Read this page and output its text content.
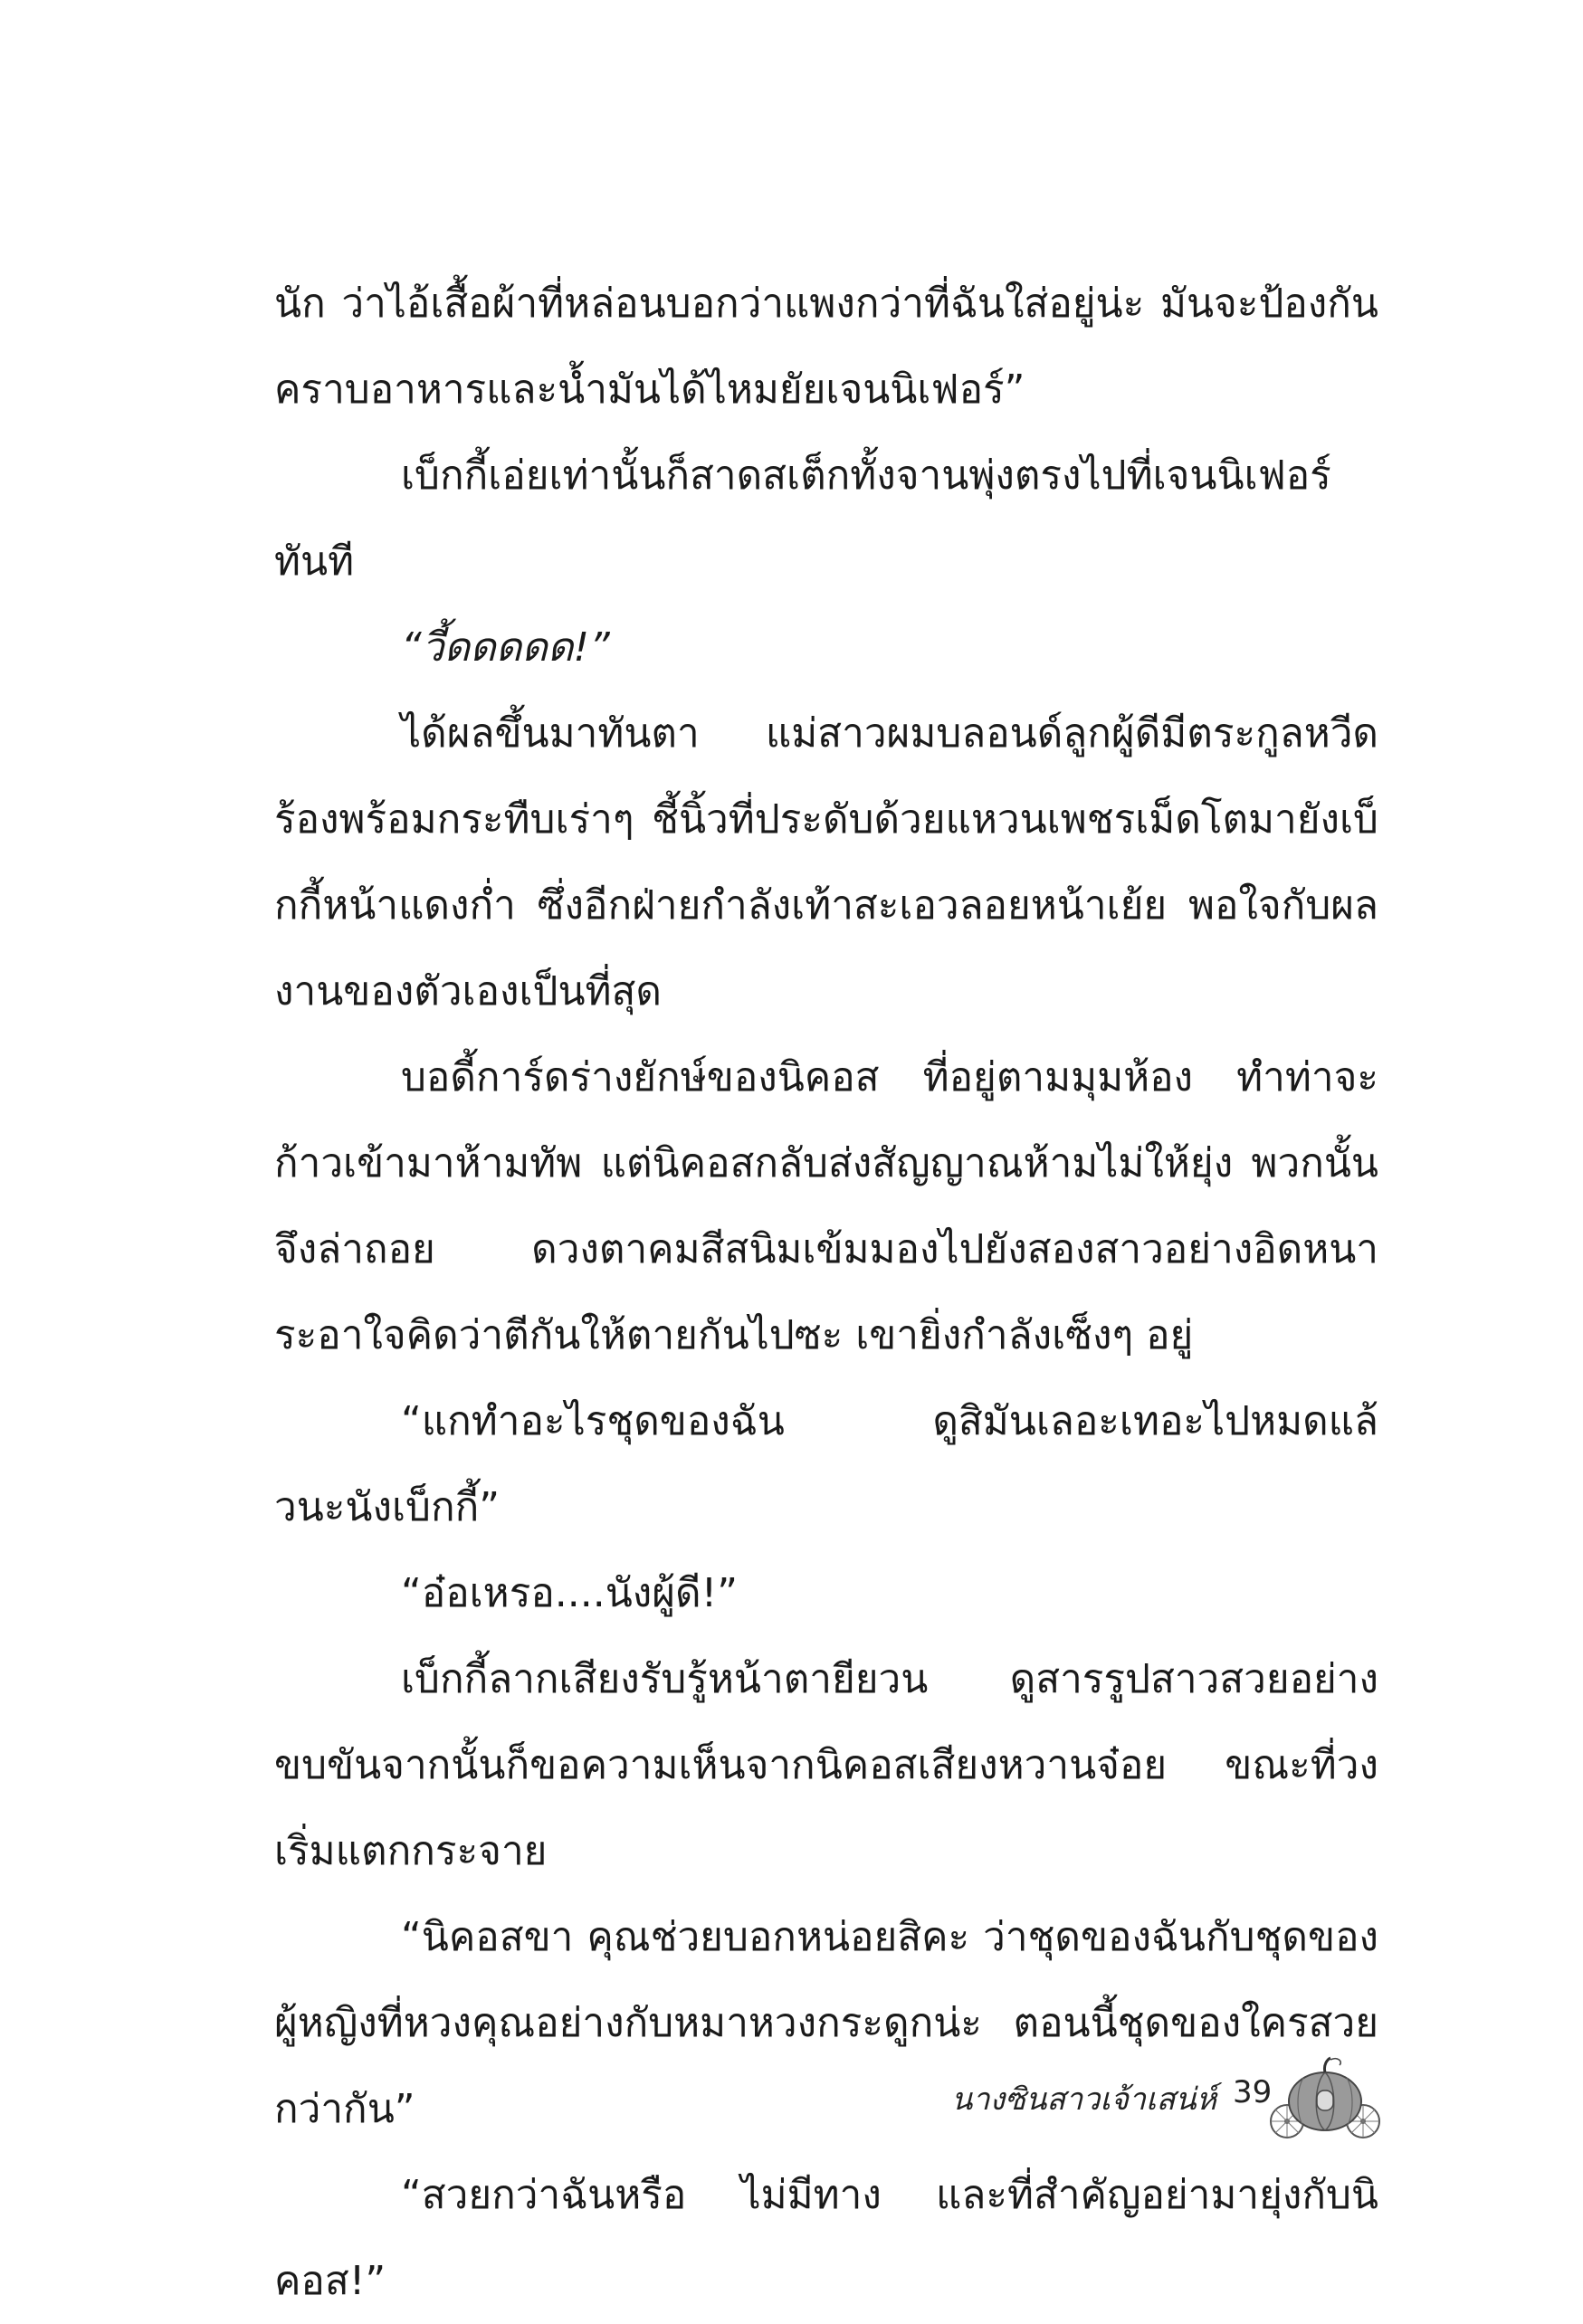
นัก ว่าไอ้เสื้อผ้าที่หล่อนบอกว่าแพงกว่าที่ฉันใส่อยู่น่ะ มันจะป้องกันคราบอาหารและน้ำมันได้ไหมยัยเจนนิเฟอร์”

เบ็กกี้เอ่ยเท่านั้นก็สาดสเต็กทั้งจานพุ่งตรงไปที่เจนนิเฟอร์ทันที

“วี้ดดดดด!”

ได้ผลขึ้นมาทันตา แม่สาวผมบลอนด์ลูกผู้ดีมีตระกูลหวีดร้องพร้อมกระทืบเร่าๆ ชี้นิ้วที่ประดับด้วยแหวนเพชรเม็ดโตมายังเบ็กกี้หน้าแดงก่ำ ซึ่งอีกฝ่ายกำลังเท้าสะเอวลอยหน้าเย้ย พอใจกับผลงานของตัวเองเป็นที่สุด

บอดี้การ์ดร่างยักษ์ของนิคอส ที่อยู่ตามมุมห้อง ทำท่าจะก้าวเข้ามาห้ามทัพ แต่นิคอสกลับส่งสัญญาณห้ามไม่ให้ยุ่ง พวกนั้นจึงล่าถอย ดวงตาคมสีสนิมเข้มมองไปยังสองสาวอย่างอิดหนาระอาใจคิดว่าตีกันให้ตายกันไปซะ เขายิ่งกำลังเซ็งๆ อยู่

“แกทำอะไรชุดของฉัน ดูสิมันเลอะเทอะไปหมดแล้วนะนังเบ็กกี้”

“อ๋อเหรอ....นังผู้ดี!”

เบ็กกี้ลากเสียงรับรู้หน้าตายียวน ดูสารรูปสาวสวยอย่างขบขันจากนั้นก็ขอความเห็นจากนิคอสเสียงหวานจ๋อย ขณะที่วงเริ่มแตกกระจาย

“นิคอสขา คุณช่วยบอกหน่อยสิคะ ว่าชุดของฉันกับชุดของผู้หญิงที่หวงคุณอย่างกับหมาหวงกระดูกน่ะ ตอนนี้ชุดของใครสวยกว่ากัน”

“สวยกว่าฉันหรือ ไม่มีทาง และที่สำคัญอย่ามายุ่งกับนิคอส!”

นางซินสาวเจ้าเสน่ห์ 39
